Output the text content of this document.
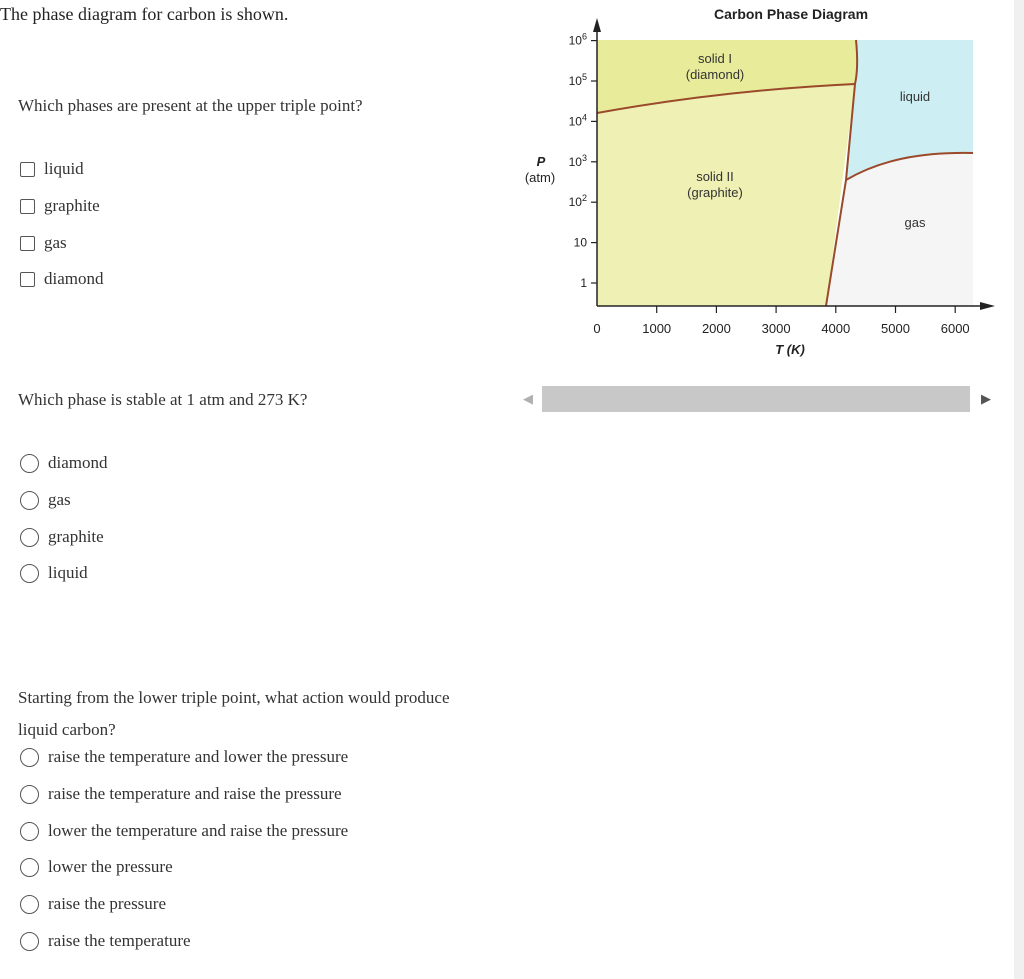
The phase diagram for carbon is shown.
Which phases are present at the upper triple point?
liquid
graphite
gas
diamond
Which phase is stable at 1 atm and 273 K?
diamond
gas
graphite
liquid
Starting from the lower triple point, what action would produce liquid carbon?
raise the temperature and lower the pressure
raise the temperature and raise the pressure
lower the temperature and raise the pressure
lower the pressure
raise the pressure
raise the temperature
0	1000 2000 3000 4000 5000 6000
1
10
$10^2$
$10^3$
$10^4$
$10^5$
$10^6$
Carbon Phase Diagram
T (K)
P
(atm)
solid I
(diamond)
solid II
(graphite)
liquid
gas
◀	▶
